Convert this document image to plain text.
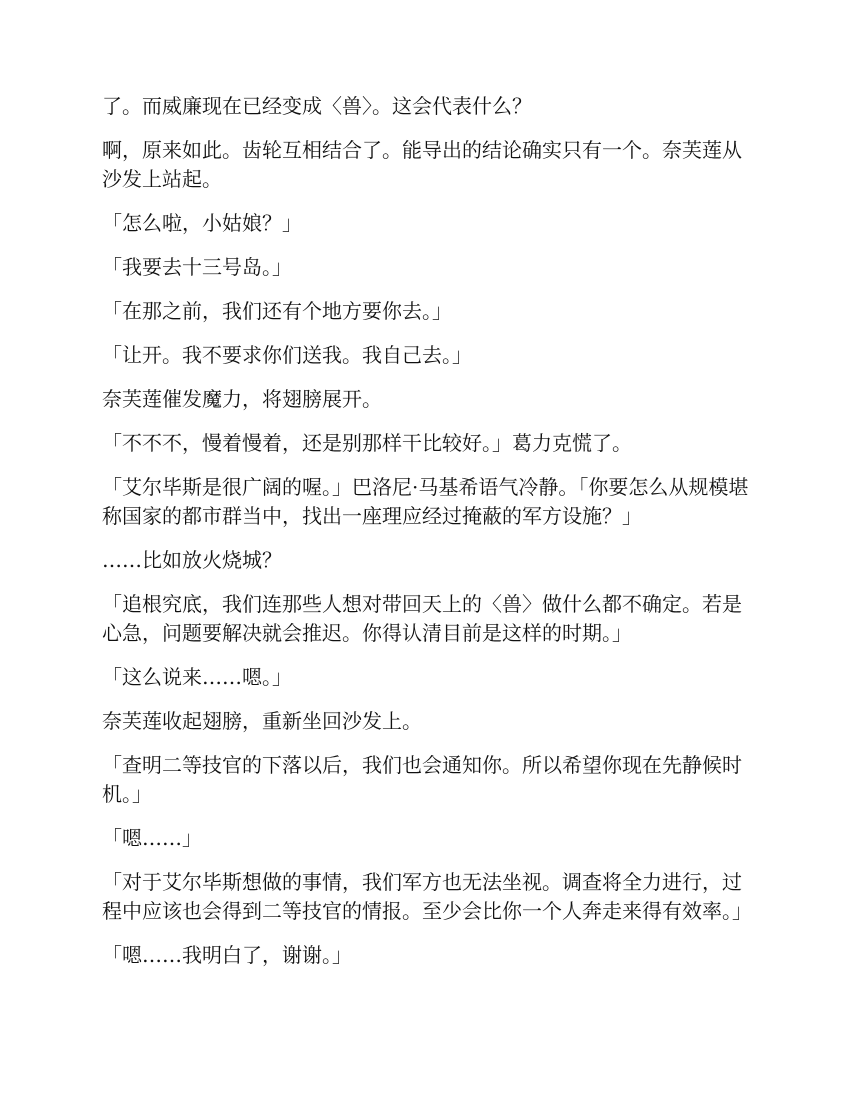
了。而威廉现在已经变成〈兽〉。这会代表什么？

啊，原来如此。齿轮互相结合了。能导出的结论确实只有一个。奈芙莲从沙发上站起。

「怎么啦，小姑娘？」

「我要去十三号岛。」

「在那之前，我们还有个地方要你去。」

「让开。我不要求你们送我。我自己去。」

奈芙莲催发魔力，将翅膀展开。

「不不不，慢着慢着，还是别那样干比较好。」葛力克慌了。

「艾尔毕斯是很广阔的喔。」巴洛尼·马基希语气冷静。「你要怎么从规模堪称国家的都市群当中，找出一座理应经过掩蔽的军方设施？」

……比如放火烧城？

「追根究底，我们连那些人想对带回天上的〈兽〉做什么都不确定。若是心急，问题要解决就会推迟。你得认清目前是这样的时期。」

「这么说来……嗯。」

奈芙莲收起翅膀，重新坐回沙发上。

「查明二等技官的下落以后，我们也会通知你。所以希望你现在先静候时机。」

「嗯……」

「对于艾尔毕斯想做的事情，我们军方也无法坐视。调查将全力进行，过程中应该也会得到二等技官的情报。至少会比你一个人奔走来得有效率。」

「嗯……我明白了，谢谢。」
